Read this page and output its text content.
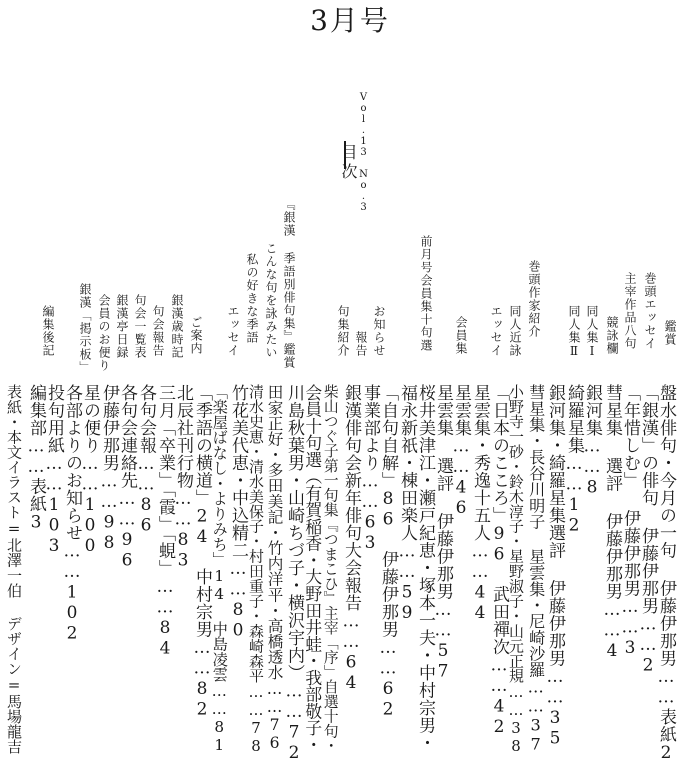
3月号
Vol.13 No.3
目次
鑑賞
巻頭エッセイ
主宰作品八句
競詠欄
同人集Ⅰ
同人集Ⅱ
巻頭作家紹介
同人近詠
エッセイ
会員集
前月号会員集十句選
お知らせ
報告
句集紹介
『銀漢 季語別俳句集』鑑賞
こんな句を詠みたい
私の好きな季語
エッセイ
ご案内
銀漢歳時記
句会報告
句会一覧表
銀漢亭日録
会員のお便り
銀漢「掲示板」
編集後記
盤水俳句・今月の一句 伊藤伊那男……表紙2
「銀漢」の俳句 伊藤伊那男……2
「年惜しむ」 伊藤伊那男……3
彗星集 選評 伊藤伊那男……4
銀河集……8
綺羅星集……12
銀河集・綺羅星集選評 伊藤伊那男……35
彗星集・長谷川明子 星雲集・尼崎沙羅……37
小野寺一砂・鈴木淳子・星野淑子・山元正規……38
「日本のこころ」96 武田禪次……42
星雲集・秀逸十五人……44
星雲集……46
星雲集 選評 伊藤伊那男……57
桜井美津江・瀬戸紀恵・塚本一夫・中村宗男・
福永新祇・棟田楽人……59
「自句自解」86 伊藤伊那男……62
事業部より……63
銀漢俳句会新年俳句大会報告……64
柴山つぐ子第一句集『つまこひ』主宰「序」自選十句・
会員十句選（有賀稲香・大野田井蛙・我部敬子・
川島秋葉男・山崎ちづ子・横沢宇内）……72
田家正好・多田美記・竹内洋平・高橋透水……76
清水史恵・清水美保子・村田重子・森崎森平……78
竹花美代恵・中込精二……80
「楽屋ばなし・よりみち」14 中島凌雲……81
「季語の横道」24 中村宗男……82
北辰社刊行物……83
三月「卒業」「霞」「蜆」……84
各句会報……86
各句会連絡先……96
伊藤伊那男……98
星の便り……100
各部よりのお知らせ……102
投句用紙……103
編集部……表紙3
表紙・本文イラスト=北澤一伯 デザイン=馬場龍吉
